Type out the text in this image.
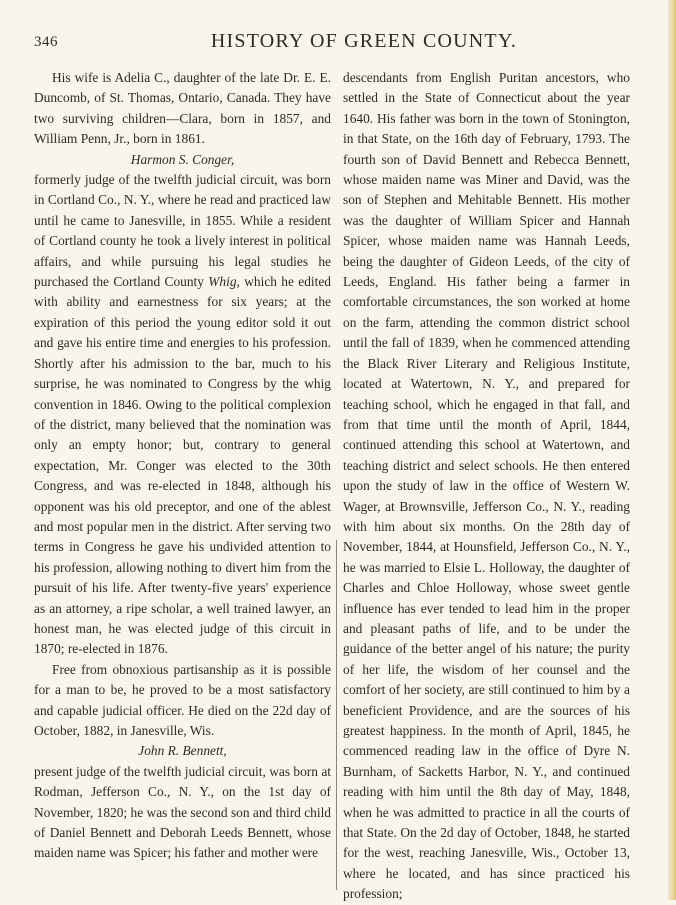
346	HISTORY OF GREEN COUNTY.

His wife is Adelia C., daughter of the late Dr. E. E. Duncomb, of St. Thomas, Ontario, Canada. They have two surviving children—Clara, born in 1857, and William Penn, Jr., born in 1861.

Harmon S. Conger,

formerly judge of the twelfth judicial circuit, was born in Cortland Co., N. Y., where he read and practiced law until he came to Janesville, in 1855. While a resident of Cortland county he took a lively interest in political affairs, and while pursuing his legal studies he purchased the Cortland County Whig, which he edited with ability and earnestness for six years; at the expiration of this period the young editor sold it out and gave his entire time and energies to his profession. Shortly after his admission to the bar, much to his surprise, he was nominated to Congress by the whig convention in 1846. Owing to the political complexion of the district, many believed that the nomination was only an empty honor; but, contrary to general expectation, Mr. Conger was elected to the 30th Congress, and was re-elected in 1848, although his opponent was his old preceptor, and one of the ablest and most popular men in the district. After serving two terms in Congress he gave his undivided attention to his profession, allowing nothing to divert him from the pursuit of his life. After twenty-five years' experience as an attorney, a ripe scholar, a well trained lawyer, an honest man, he was elected judge of this circuit in 1870; re-elected in 1876.

Free from obnoxious partisanship as it is possible for a man to be, he proved to be a most satisfactory and capable judicial officer. He died on the 22d day of October, 1882, in Janesville, Wis.

John R. Bennett,

present judge of the twelfth judicial circuit, was born at Rodman, Jefferson Co., N. Y., on the 1st day of November, 1820; he was the second son and third child of Daniel Bennett and Deborah Leeds Bennett, whose maiden name was Spicer; his father and mother were

descendants from English Puritan ancestors, who settled in the State of Connecticut about the year 1640. His father was born in the town of Stonington, in that State, on the 16th day of February, 1793. The fourth son of David Bennett and Rebecca Bennett, whose maiden name was Miner and David, was the son of Stephen and Mehitable Bennett. His mother was the daughter of William Spicer and Hannah Spicer, whose maiden name was Hannah Leeds, being the daughter of Gideon Leeds, of the city of Leeds, England. His father being a farmer in comfortable circumstances, the son worked at home on the farm, attending the common district school until the fall of 1839, when he commenced attending the Black River Literary and Religious Institute, located at Watertown, N. Y., and prepared for teaching school, which he engaged in that fall, and from that time until the month of April, 1844, continued attending this school at Watertown, and teaching district and select schools. He then entered upon the study of law in the office of Western W. Wager, at Brownsville, Jefferson Co., N. Y., reading with him about six months. On the 28th day of November, 1844, at Hounsfield, Jefferson Co., N. Y., he was married to Elsie L. Holloway, the daughter of Charles and Chloe Holloway, whose sweet gentle influence has ever tended to lead him in the proper and pleasant paths of life, and to be under the guidance of the better angel of his nature; the purity of her life, the wisdom of her counsel and the comfort of her society, are still continued to him by a beneficient Providence, and are the sources of his greatest happiness. In the month of April, 1845, he commenced reading law in the office of Dyre N. Burnham, of Sacketts Harbor, N. Y., and continued reading with him until the 8th day of May, 1848, when he was admitted to practice in all the courts of that State. On the 2d day of October, 1848, he started for the west, reaching Janesville, Wis., October 13, where he located, and has since practiced his profession;
